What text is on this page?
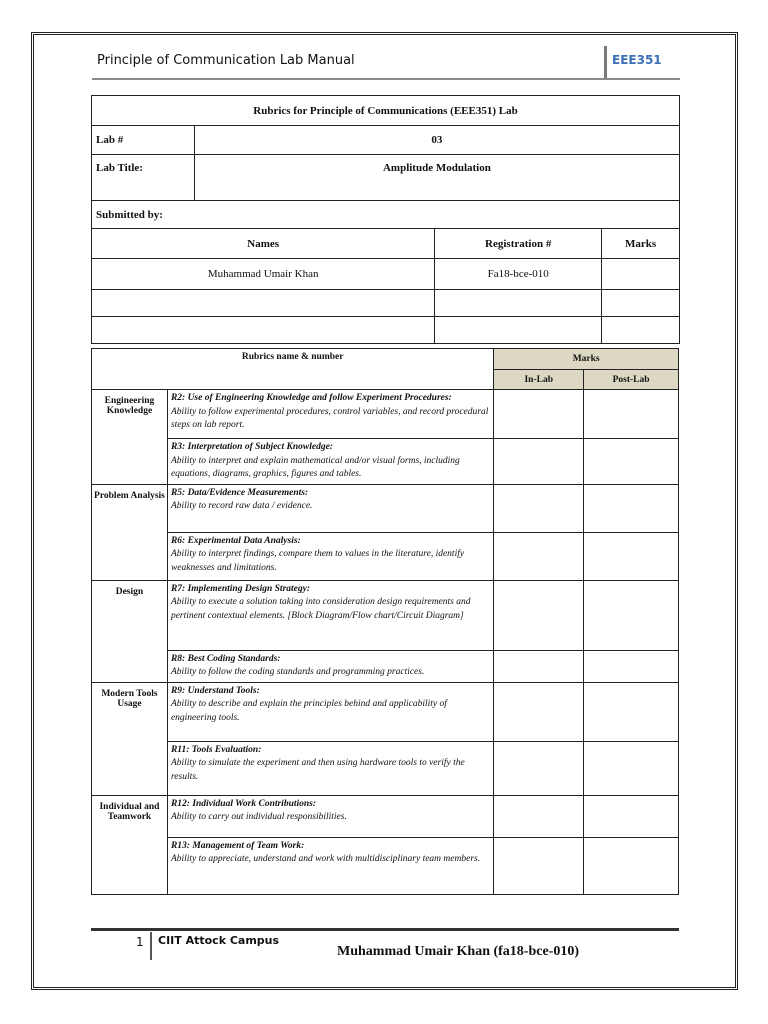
Principle of Communication Lab Manual	EEE351
Rubrics for Principle of Communications (EEE351) Lab			
Lab #	03		
Lab Title:	Amplitude Modulation		
Submitted by:			
Names		Registration #	Marks
Muhammad Umair Khan		Fa18-bce-010	

Rubrics name & number		Marks	
		In-Lab	Post-Lab
Engineering Knowledge	R2: Use of Engineering Knowledge and follow Experiment Procedures:
Ability to follow experimental procedures, control variables, and record procedural steps on lab report.		

	R3: Interpretation of Subject Knowledge:
Ability to interpret and explain mathematical and/or visual forms, including equations, diagrams, graphics, figures and tables.		

Problem Analysis	R5: Data/Evidence Measurements:
Ability to record raw data / evidence.		

	R6: Experimental Data Analysis:
Ability to interpret findings, compare them to values in the literature, identify weaknesses and limitations.		

Design	R7: Implementing Design Strategy:
Ability to execute a solution taking into consideration design requirements and pertinent contextual elements. [Block Diagram/Flow chart/Circuit Diagram]		

	R8: Best Coding Standards:
Ability to follow the coding standards and programming practices.		

Modern Tools Usage	R9: Understand Tools:
Ability to describe and explain the principles behind and applicability of engineering tools.		

	R11: Tools Evaluation:
Ability to simulate the experiment and then using hardware tools to verify the results.		

Individual and Teamwork	R12: Individual Work Contributions:
Ability to carry out individual responsibilities.		

	R13: Management of Team Work:
Ability to appreciate, understand and work with multidisciplinary team members.		

1 CIIT Attock Campus
Muhammad Umair Khan (fa18-bce-010)
